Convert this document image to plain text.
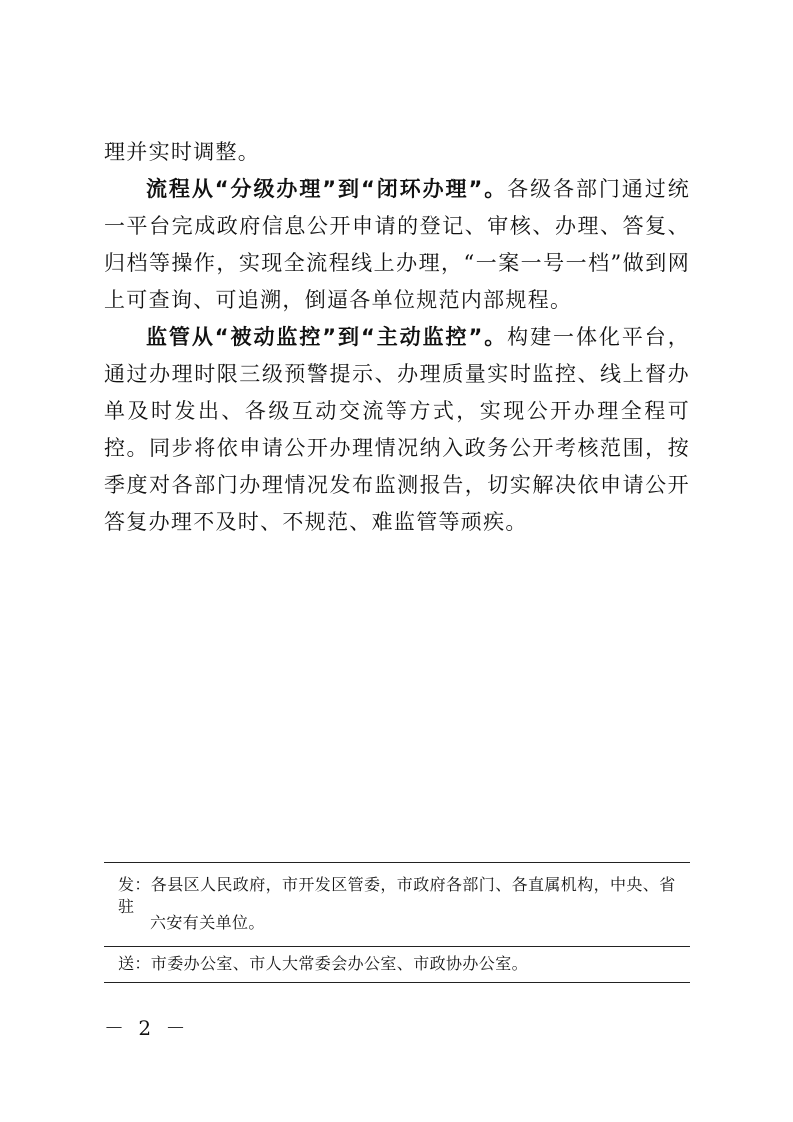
理并实时调整。

流程从“分级办理”到“闭环办理”。各级各部门通过统一平台完成政府信息公开申请的登记、审核、办理、答复、归档等操作，实现全流程线上办理，“一案一号一档”做到网上可查询、可追溯，倒逼各单位规范内部规程。

监管从“被动监控”到“主动监控”。构建一体化平台，通过办理时限三级预警提示、办理质量实时监控、线上督办单及时发出、各级互动交流等方式，实现公开办理全程可控。同步将依申请公开办理情况纳入政务公开考核范围，按季度对各部门办理情况发布监测报告，切实解决依申请公开答复办理不及时、不规范、难监管等顽疾。

发：各县区人民政府，市开发区管委，市政府各部门、各直属机构，中央、省驻
六安有关单位。
送：市委办公室、市人大常委会办公室、市政协办公室。
－ 2 －
